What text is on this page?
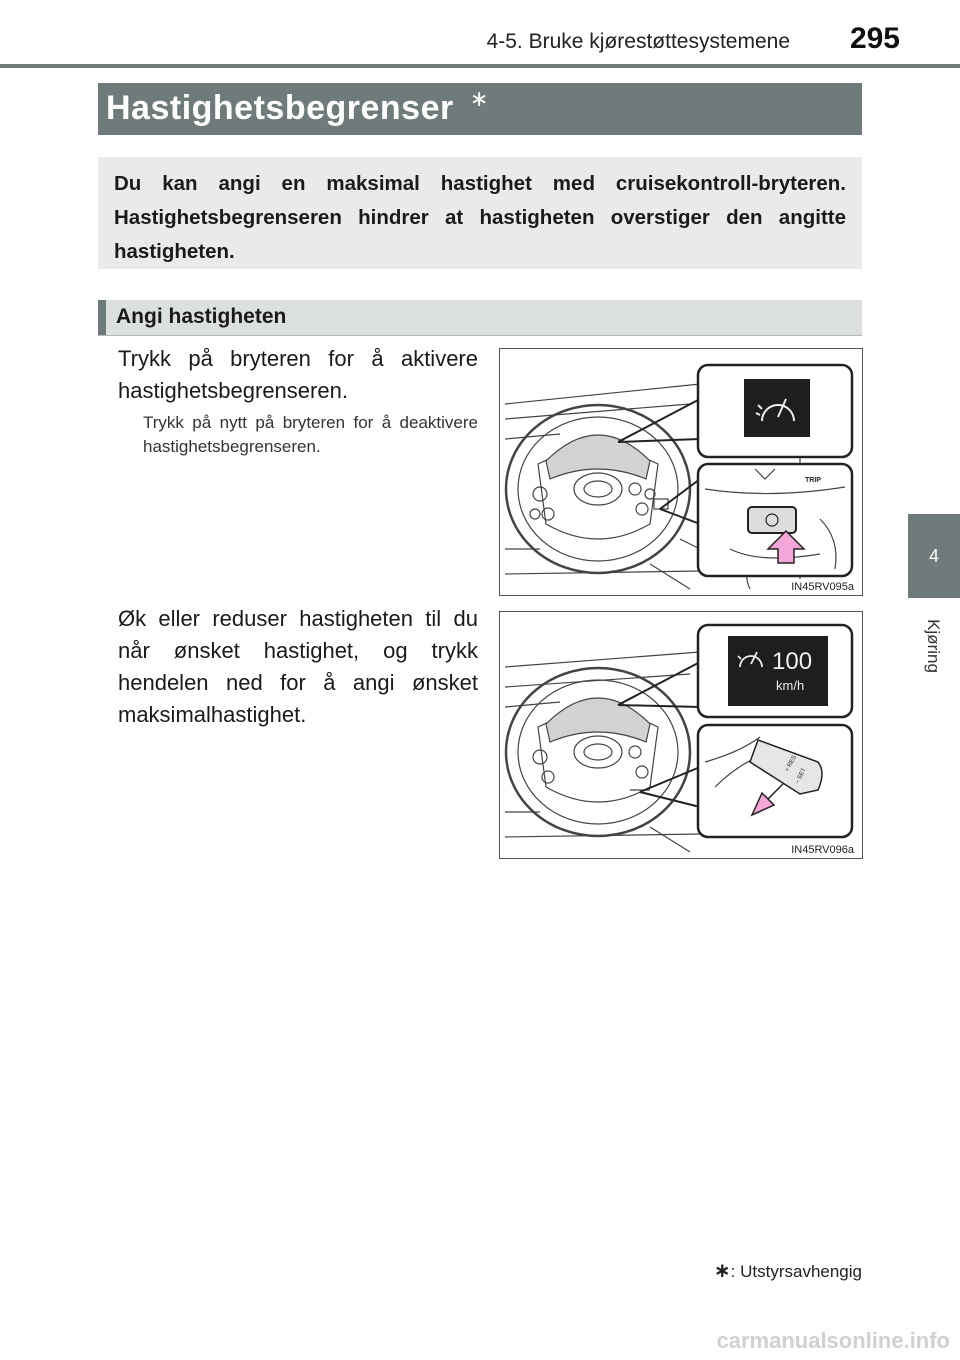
4-5. Bruke kjørestøttesystemene	295
4
Kjøring
Hastighetsbegrenser ∗
Du kan angi en maksimal hastighet med cruisekontroll-bryteren. Hastighetsbegrenseren hindrer at hastigheten overstiger den angitte hastigheten.
Angi hastigheten
Trykk på bryteren for å aktivere hastighetsbegrenseren.
Trykk på nytt på bryteren for å deaktivere hastighetsbegrenseren.
Øk eller reduser hastigheten til du når ønsket hastighet, og trykk hendelen ned for å angi ønsket maksimalhastighet.
TRIP
IN45RV095a
100
km/h
+ RES
– SET
IN45RV096a
∗: Utstyrsavhengig
carmanualsonline.info
